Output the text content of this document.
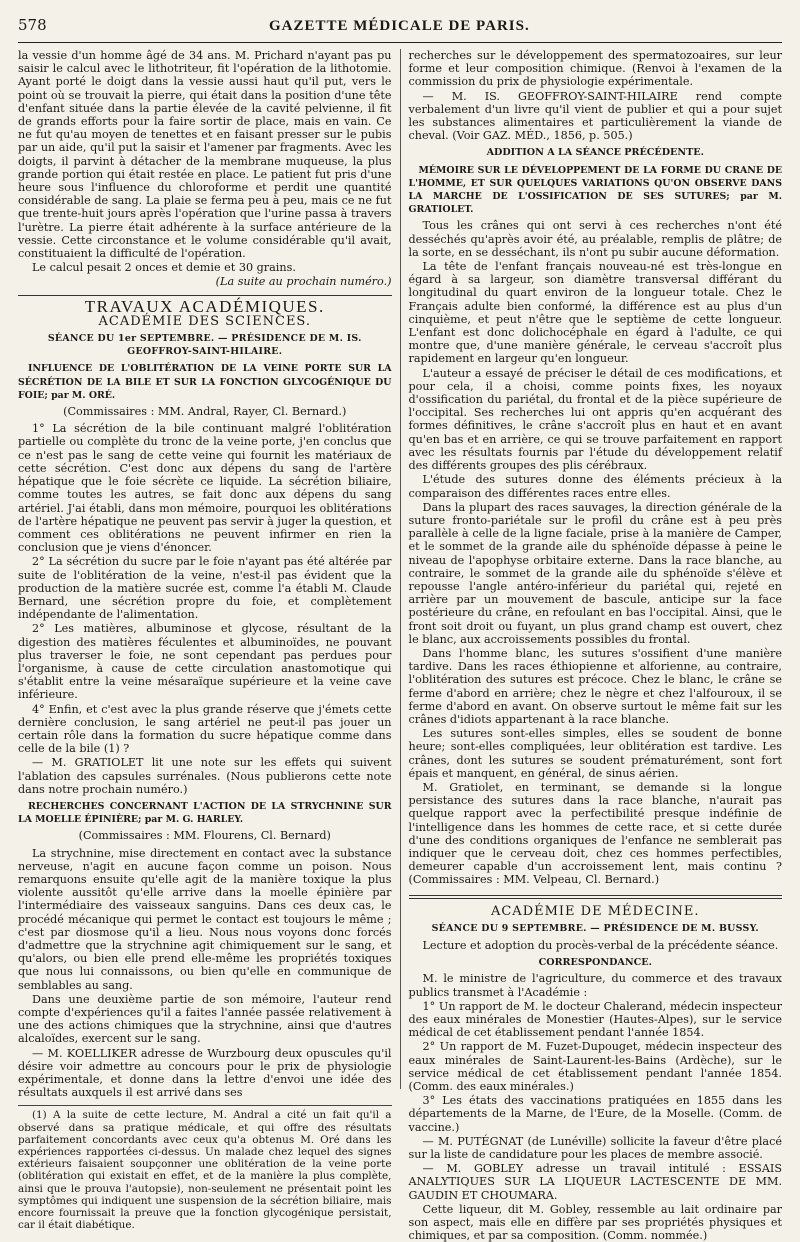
578	GAZETTE MÉDICALE DE PARIS.

la vessie d'un homme âgé de 34 ans. M. Prichard n'ayant pas pu saisir le calcul avec le lithotriteur, fit l'opération de la lithotomie. Ayant porté le doigt dans la vessie aussi haut qu'il put, vers le point où se trouvait la pierre, qui était dans la position d'une tête d'enfant située dans la partie élevée de la cavité pelvienne, il fit de grands efforts pour la faire sortir de place, mais en vain. Ce ne fut qu'au moyen de tenettes et en faisant presser sur le pubis par un aide, qu'il put la saisir et l'amener par fragments. Avec les doigts, il parvint à détacher de la membrane muqueuse, la plus grande portion qui était restée en place. Le patient fut pris d'une heure sous l'influence du chloroforme et perdit une quantité considérable de sang. La plaie se ferma peu à peu, mais ce ne fut que trente-huit jours après l'opération que l'urine passa à travers l'urètre. La pierre était adhérente à la surface antérieure de la vessie. Cette circonstance et le volume considérable qu'il avait, constituaient la difficulté de l'opération.

Le calcul pesait 2 onces et demie et 30 grains.

(La suite au prochain numéro.)

TRAVAUX ACADÉMIQUES.
ACADÉMIE DES SCIENCES.
SÉANCE DU 1er SEPTEMBRE. — PRÉSIDENCE DE M. IS. GEOFFROY-SAINT-HILAIRE.
INFLUENCE DE L'OBLITÉRATION DE LA VEINE PORTE SUR LA SÉCRÉTION DE LA BILE ET SUR LA FONCTION GLYCOGÉNIQUE DU FOIE; par M. ORÉ.

(Commissaires : MM. Andral, Rayer, Cl. Bernard.)

1° La sécrétion de la bile continuant malgré l'oblitération partielle ou complète du tronc de la veine porte, j'en conclus que ce n'est pas le sang de cette veine qui fournit les matériaux de cette sécrétion. C'est donc aux dépens du sang de l'artère hépatique que le foie sécrète ce liquide. La sécrétion biliaire, comme toutes les autres, se fait donc aux dépens du sang artériel. J'ai établi, dans mon mémoire, pourquoi les oblitérations de l'artère hépatique ne peuvent pas servir à juger la question, et comment ces oblitérations ne peuvent infirmer en rien la conclusion que je viens d'énoncer.

2° La sécrétion du sucre par le foie n'ayant pas été altérée par suite de l'oblitération de la veine, n'est-il pas évident que la production de la matière sucrée est, comme l'a établi M. Claude Bernard, une sécrétion propre du foie, et complètement indépendante de l'alimentation.

2° Les matières, albuminose et glycose, résultant de la digestion des matières féculentes et albuminoïdes, ne pouvant plus traverser le foie, ne sont cependant pas perdues pour l'organisme, à cause de cette circulation anastomotique qui s'établit entre la veine mésaraïque supérieure et la veine cave inférieure.

4° Enfin, et c'est avec la plus grande réserve que j'émets cette dernière conclusion, le sang artériel ne peut-il pas jouer un certain rôle dans la formation du sucre hépatique comme dans celle de la bile (1) ?

— M. GRATIOLET lit une note sur les effets qui suivent l'ablation des capsules surrénales. (Nous publierons cette note dans notre prochain numéro.)

RECHERCHES CONCERNANT L'ACTION DE LA STRYCHNINE SUR LA MOELLE ÉPINIÈRE; par M. G. HARLEY.

(Commissaires : MM. Flourens, Cl. Bernard)

La strychnine, mise directement en contact avec la substance nerveuse, n'agit en aucune façon comme un poison. Nous remarquons ensuite qu'elle agit de la manière toxique la plus violente aussitôt qu'elle arrive dans la moelle épinière par l'intermédiaire des vaisseaux sanguins. Dans ces deux cas, le procédé mécanique qui permet le contact est toujours le même ; c'est par diosmose qu'il a lieu. Nous nous voyons donc forcés d'admettre que la strychnine agit chimiquement sur le sang, et qu'alors, ou bien elle prend elle-même les propriétés toxiques que nous lui connaissons, ou bien qu'elle en communique de semblables au sang.

Dans une deuxième partie de son mémoire, l'auteur rend compte d'expériences qu'il a faites l'année passée relativement à une des actions chimiques que la strychnine, ainsi que d'autres alcaloïdes, exercent sur le sang.

— M. KOELLIKER adresse de Wurzbourg deux opuscules qu'il désire voir admettre au concours pour le prix de physiologie expérimentale, et donne dans la lettre d'envoi une idée des résultats auxquels il est arrivé dans ses

(1) A la suite de cette lecture, M. Andral a cité un fait qu'il a observé dans sa pratique médicale, et qui offre des résultats parfaitement concordants avec ceux qu'a obtenus M. Oré dans les expériences rapportées ci-dessus. Un malade chez lequel des signes extérieurs faisaient soupçonner une oblitération de la veine porte (oblitération qui existait en effet, et de la manière la plus complète, ainsi que le prouva l'autopsie), non-seulement ne présentait point les symptômes qui indiquent une suspension de la sécrétion biliaire, mais encore fournissait la preuve que la fonction glycogénique persistait, car il était diabétique.

recherches sur le développement des spermatozoaires, sur leur forme et leur composition chimique. (Renvoi à l'examen de la commission du prix de physiologie expérimentale.

— M. IS. GEOFFROY-SAINT-HILAIRE rend compte verbalement d'un livre qu'il vient de publier et qui a pour sujet les substances alimentaires et particulièrement la viande de cheval. (Voir GAZ. MÉD., 1856, p. 505.)

ADDITION A LA SÉANCE PRÉCÉDENTE.
MÉMOIRE SUR LE DÉVELOPPEMENT DE LA FORME DU CRANE DE L'HOMME, ET SUR QUELQUES VARIATIONS QU'ON OBSERVE DANS LA MARCHE DE L'OSSIFICATION DE SES SUTURES; par M. GRATIOLET.

Tous les crânes qui ont servi à ces recherches n'ont été desséchés qu'après avoir été, au préalable, remplis de plâtre; de la sorte, en se desséchant, ils n'ont pu subir aucune déformation.

La tête de l'enfant français nouveau-né est très-longue en égard à sa largeur, son diamètre transversal différant du longitudinal du quart environ de la longueur totale. Chez le Français adulte bien conformé, la différence est au plus d'un cinquième, et peut n'être que le septième de cette longueur. L'enfant est donc dolichocéphale en égard à l'adulte, ce qui montre que, d'une manière générale, le cerveau s'accroît plus rapidement en largeur qu'en longueur.

L'auteur a essayé de préciser le détail de ces modifications, et pour cela, il a choisi, comme points fixes, les noyaux d'ossification du pariétal, du frontal et de la pièce supérieure de l'occipital. Ses recherches lui ont appris qu'en acquérant des formes définitives, le crâne s'accroît plus en haut et en avant qu'en bas et en arrière, ce qui se trouve parfaitement en rapport avec les résultats fournis par l'étude du développement relatif des différents groupes des plis cérébraux.

L'étude des sutures donne des éléments précieux à la comparaison des différentes races entre elles.

Dans la plupart des races sauvages, la direction générale de la suture fronto-pariétale sur le profil du crâne est à peu près parallèle à celle de la ligne faciale, prise à la manière de Camper, et le sommet de la grande aile du sphénoïde dépasse à peine le niveau de l'apophyse orbitaire externe. Dans la race blanche, au contraire, le sommet de la grande aile du sphénoïde s'élève et repousse l'angle antéro-inférieur du pariétal qui, rejeté en arrière par un mouvement de bascule, anticipe sur la face postérieure du crâne, en refoulant en bas l'occipital. Ainsi, que le front soit droit ou fuyant, un plus grand champ est ouvert, chez le blanc, aux accroissements possibles du frontal.

Dans l'homme blanc, les sutures s'ossifient d'une manière tardive. Dans les races éthiopienne et alforienne, au contraire, l'oblitération des sutures est précoce. Chez le blanc, le crâne se ferme d'abord en arrière; chez le nègre et chez l'alfouroux, il se ferme d'abord en avant. On observe surtout le même fait sur les crânes d'idiots appartenant à la race blanche.

Les sutures sont-elles simples, elles se soudent de bonne heure; sont-elles compliquées, leur oblitération est tardive. Les crânes, dont les sutures se soudent prématurément, sont fort épais et manquent, en général, de sinus aérien.

M. Gratiolet, en terminant, se demande si la longue persistance des sutures dans la race blanche, n'aurait pas quelque rapport avec la perfectibilité presque indéfinie de l'intelligence dans les hommes de cette race, et si cette durée d'une des conditions organiques de l'enfance ne semblerait pas indiquer que le cerveau doit, chez ces hommes perfectibles, demeurer capable d'un accroissement lent, mais continu ? (Commissaires : MM. Velpeau, Cl. Bernard.)

ACADÉMIE DE MÉDECINE.
SÉANCE DU 9 SEPTEMBRE. — PRÉSIDENCE DE M. BUSSY.

Lecture et adoption du procès-verbal de la précédente séance.

CORRESPONDANCE.

M. le ministre de l'agriculture, du commerce et des travaux publics transmet à l'Académie :

1° Un rapport de M. le docteur Chalerand, médecin inspecteur des eaux minérales de Monestier (Hautes-Alpes), sur le service médical de cet établissement pendant l'année 1854.

2° Un rapport de M. Fuzet-Dupouget, médecin inspecteur des eaux minérales de Saint-Laurent-les-Bains (Ardèche), sur le service médical de cet établissement pendant l'année 1854. (Comm. des eaux minérales.)

3° Les états des vaccinations pratiquées en 1855 dans les départements de la Marne, de l'Eure, de la Moselle. (Comm. de vaccine.)

— M. PUTÉGNAT (de Lunéville) sollicite la faveur d'être placé sur la liste de candidature pour les places de membre associé.

— M. GOBLEY adresse un travail intitulé : ESSAIS ANALYTIQUES SUR LA LIQUEUR LACTESCENTE DE MM. GAUDIN ET CHOUMARA.

Cette liqueur, dit M. Gobley, ressemble au lait ordinaire par son aspect, mais elle en diffère par ses propriétés physiques et chimiques, et par sa composition. (Comm. nommée.)
